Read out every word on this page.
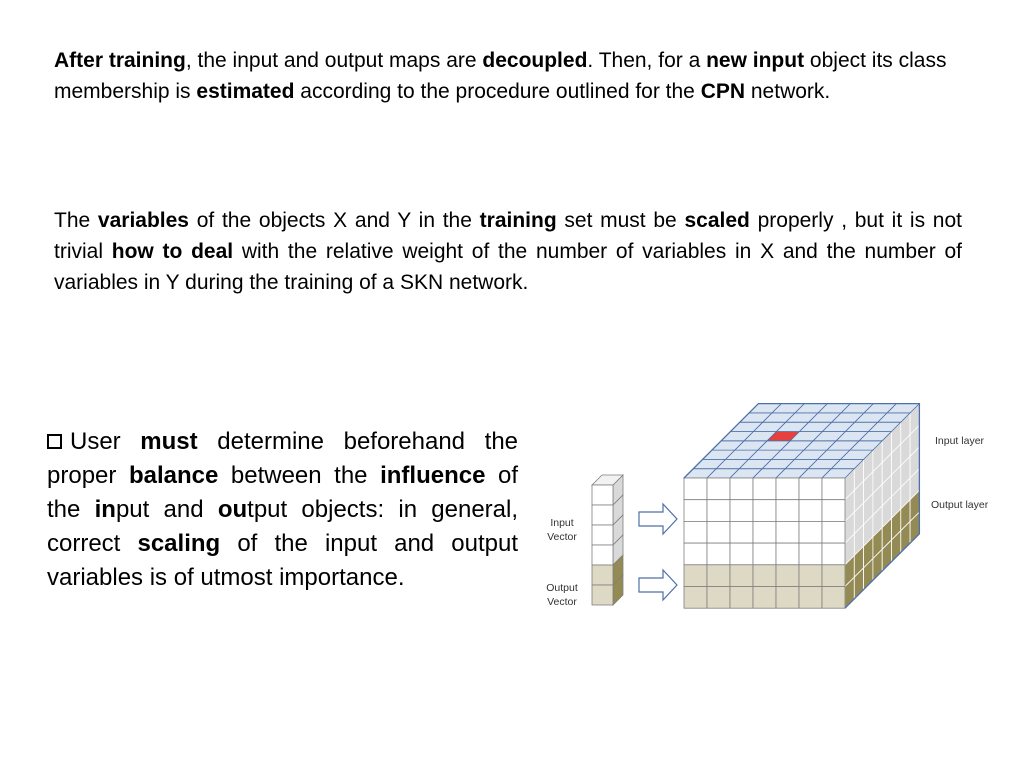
After training, the input and output maps are decoupled. Then, for a new input object its class membership is estimated according to the procedure outlined for the CPN network.

The variables of the objects X and Y in the training set must be scaled properly , but it is not trivial how to deal with the relative weight of the number of variables in X and the number of variables in Y during the training of a SKN network.

User must determine beforehand the proper balance between the influence of the input and output objects: in general, correct scaling of the input and output variables is of utmost importance.

Input Vector
Output Vector
Input layer
Output layer
